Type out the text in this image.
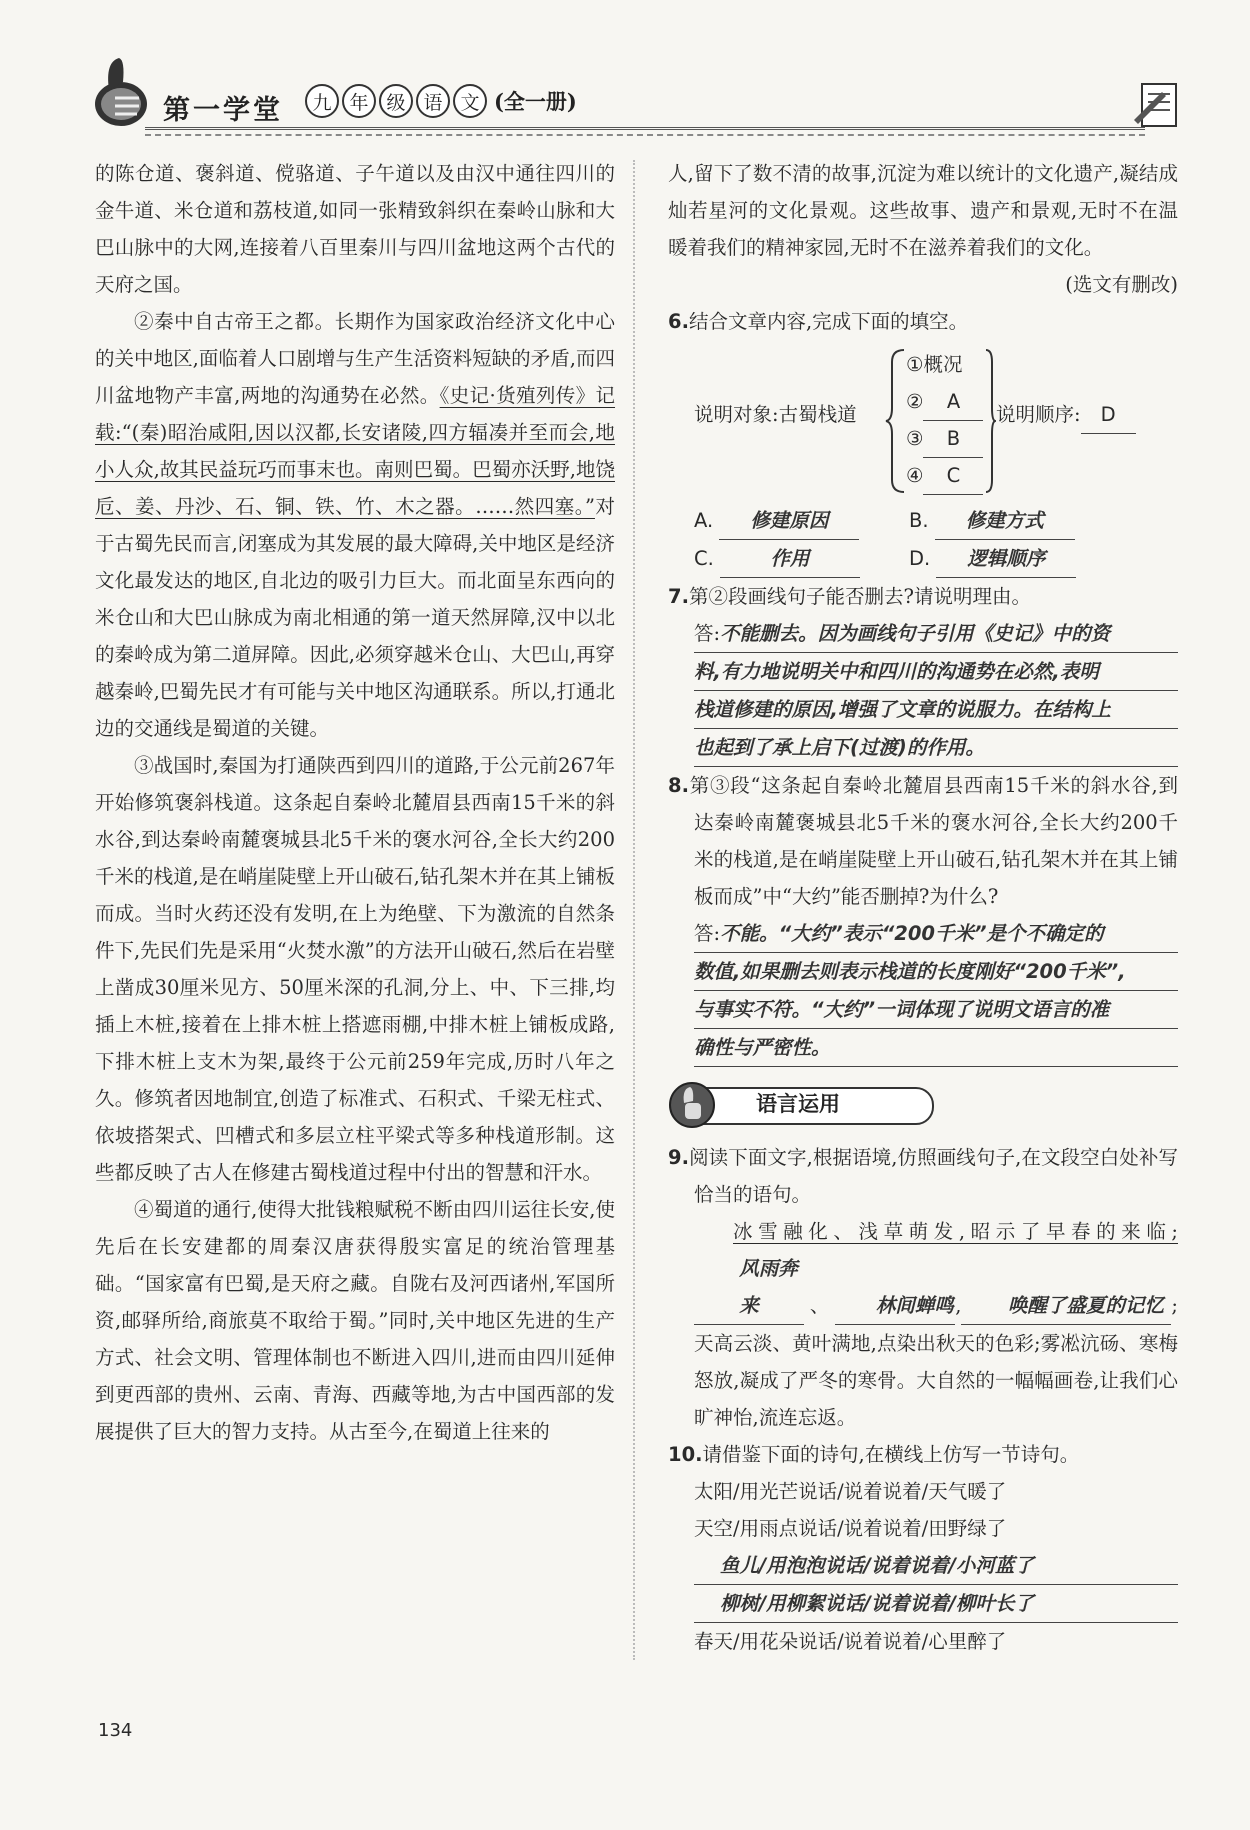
第一学堂	九 年 级 语 文 (全一册)

的陈仓道、褒斜道、傥骆道、子午道以及由汉中通往四川的金牛道、米仓道和荔枝道,如同一张精致斜织在秦岭山脉和大巴山脉中的大网,连接着八百里秦川与四川盆地这两个古代的天府之国。

②秦中自古帝王之都。长期作为国家政治经济文化中心的关中地区,面临着人口剧增与生产生活资料短缺的矛盾,而四川盆地物产丰富,两地的沟通势在必然。《史记·货殖列传》记载:“(秦)昭治咸阳,因以汉都,长安诸陵,四方辐凑并至而会,地小人众,故其民益玩巧而事末也。南则巴蜀。巴蜀亦沃野,地饶卮、姜、丹沙、石、铜、铁、竹、木之器。……然四塞。”对于古蜀先民而言,闭塞成为其发展的最大障碍,关中地区是经济文化最发达的地区,自北边的吸引力巨大。而北面呈东西向的米仓山和大巴山脉成为南北相通的第一道天然屏障,汉中以北的秦岭成为第二道屏障。因此,必须穿越米仓山、大巴山,再穿越秦岭,巴蜀先民才有可能与关中地区沟通联系。所以,打通北边的交通线是蜀道的关键。

③战国时,秦国为打通陕西到四川的道路,于公元前267年开始修筑褒斜栈道。这条起自秦岭北麓眉县西南15千米的斜水谷,到达秦岭南麓褒城县北5千米的褒水河谷,全长大约200千米的栈道,是在峭崖陡壁上开山破石,钻孔架木并在其上铺板而成。当时火药还没有发明,在上为绝壁、下为激流的自然条件下,先民们先是采用“火焚水激”的方法开山破石,然后在岩壁上凿成30厘米见方、50厘米深的孔洞,分上、中、下三排,均插上木桩,接着在上排木桩上搭遮雨棚,中排木桩上铺板成路,下排木桩上支木为架,最终于公元前259年完成,历时八年之久。修筑者因地制宜,创造了标准式、石积式、千梁无柱式、依坡搭架式、凹槽式和多层立柱平梁式等多种栈道形制。这些都反映了古人在修建古蜀栈道过程中付出的智慧和汗水。

④蜀道的通行,使得大批钱粮赋税不断由四川运往长安,使先后在长安建都的周秦汉唐获得殷实富足的统治管理基础。“国家富有巴蜀,是天府之藏。自陇右及河西诸州,军国所资,邮驿所给,商旅莫不取给于蜀。”同时,关中地区先进的生产方式、社会文明、管理体制也不断进入四川,进而由四川延伸到更西部的贵州、云南、青海、西藏等地,为古中国西部的发展提供了巨大的智力支持。从古至今,在蜀道上往来的

人,留下了数不清的故事,沉淀为难以统计的文化遗产,凝结成灿若星河的文化景观。这些故事、遗产和景观,无时不在温暖着我们的精神家园,无时不在滋养着我们的文化。

(选文有删改)

6.结合文章内容,完成下面的填空。

说明对象:古蜀栈道
①概况
② A
③ B
④ C
说明顺序: D
A. 修建原因	B. 修建方式
C.	作用	D. 逻辑顺序

7.第②段画线句子能否删去?请说明理由。

答:不能删去。因为画线句子引用《史记》中的资
料,有力地说明关中和四川的沟通势在必然,表明
栈道修建的原因,增强了文章的说服力。在结构上
也起到了承上启下(过渡)的作用。

8.第③段“这条起自秦岭北麓眉县西南15千米的斜水谷,到达秦岭南麓褒城县北5千米的褒水河谷,全长大约200千米的栈道,是在峭崖陡壁上开山破石,钻孔架木并在其上铺板而成”中“大约”能否删掉?为什么?

答:不能。“大约”表示“200千米”是个不确定的
数值,如果删去则表示栈道的长度刚好“200千米”,
与事实不符。“大约”一词体现了说明文语言的准
确性与严密性。
语言运用

9.阅读下面文字,根据语境,仿照画线句子,在文段空白处补写恰当的语句。

冰雪融化、浅草萌发,昭示了早春的来临;风雨奔来 、 林间蝉鸣, 唤醒了盛夏的记忆 ;天高云淡、黄叶满地,点染出秋天的色彩;雾凇沆砀、寒梅怒放,凝成了严冬的寒骨。大自然的一幅幅画卷,让我们心旷神怡,流连忘返。

10.请借鉴下面的诗句,在横线上仿写一节诗句。

太阳/用光芒说话/说着说着/天气暖了

天空/用雨点说话/说着说着/田野绿了

鱼儿/用泡泡说话/说着说着/小河蓝了

柳树/用柳絮说话/说着说着/柳叶长了

春天/用花朵说话/说着说着/心里醉了

134
